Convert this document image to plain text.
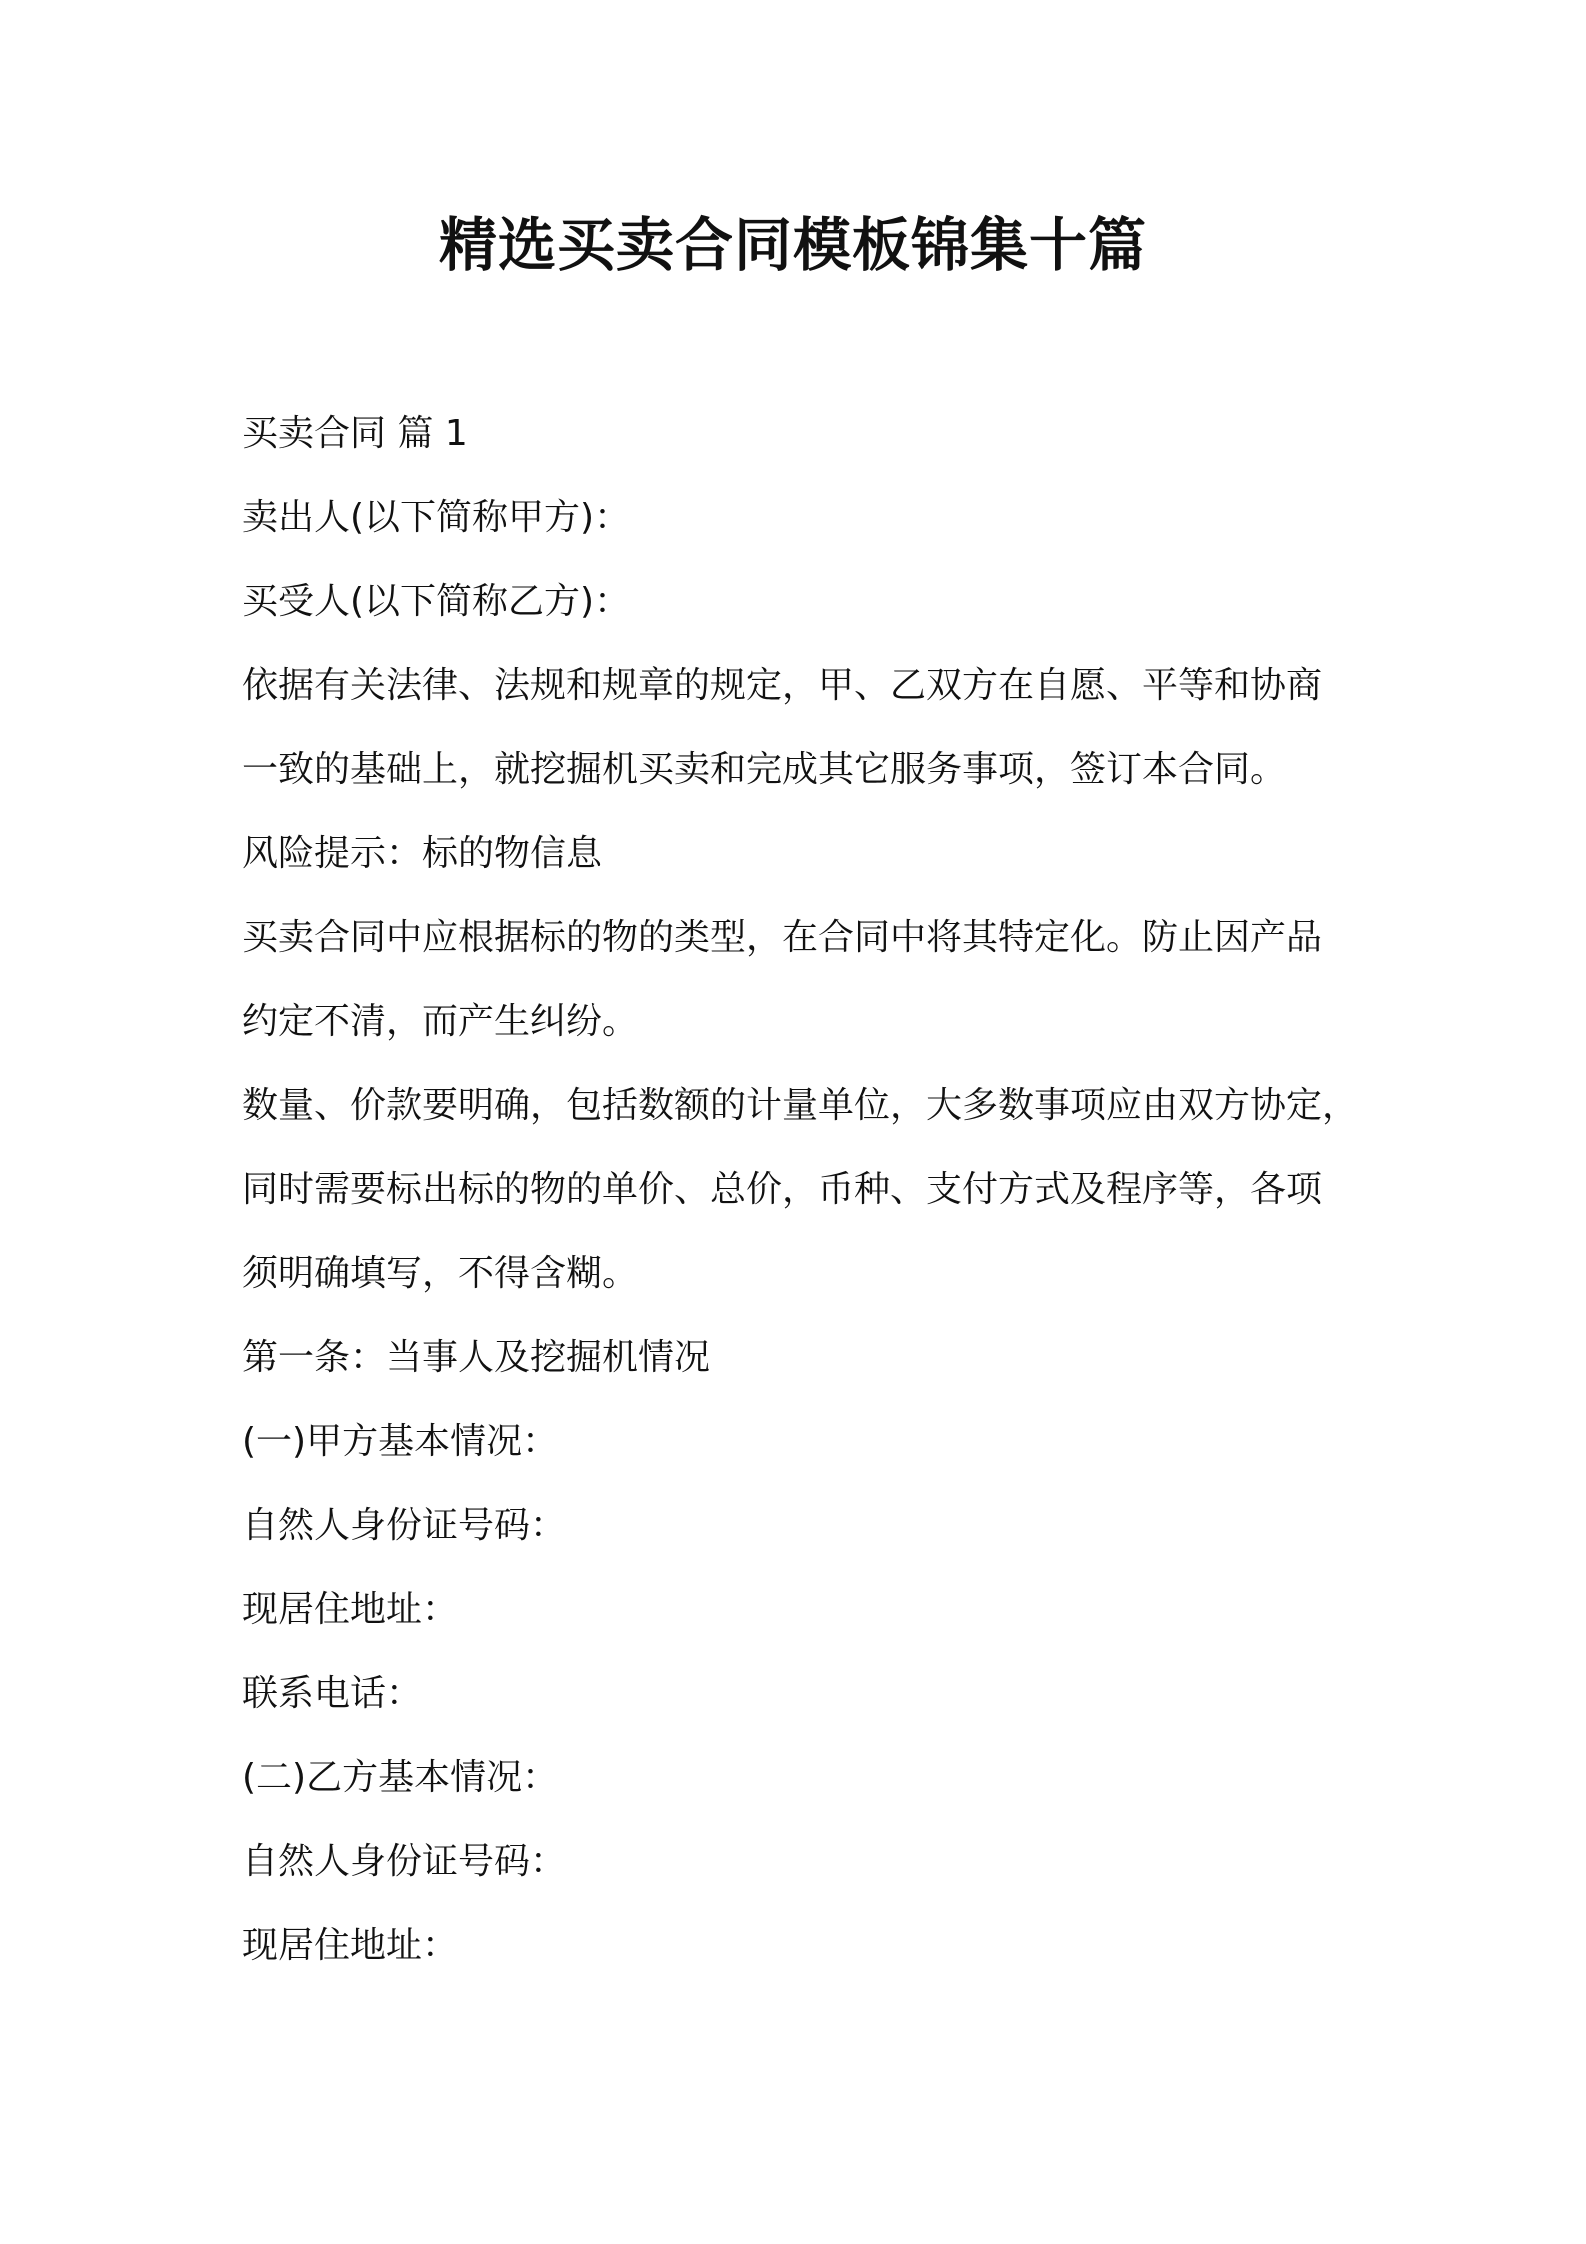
精选买卖合同模板锦集十篇

买卖合同 篇 1

卖出人(以下简称甲方)：

买受人(以下简称乙方)：

依据有关法律、法规和规章的规定，甲、乙双方在自愿、平等和协商

一致的基础上，就挖掘机买卖和完成其它服务事项，签订本合同。

风险提示：标的物信息

买卖合同中应根据标的物的类型，在合同中将其特定化。防止因产品

约定不清，而产生纠纷。

数量、价款要明确，包括数额的计量单位，大多数事项应由双方协定，

同时需要标出标的物的单价、总价，币种、支付方式及程序等，各项

须明确填写，不得含糊。

第一条：当事人及挖掘机情况

(一)甲方基本情况：

自然人身份证号码：

现居住地址：

联系电话：

(二)乙方基本情况：

自然人身份证号码：

现居住地址：
